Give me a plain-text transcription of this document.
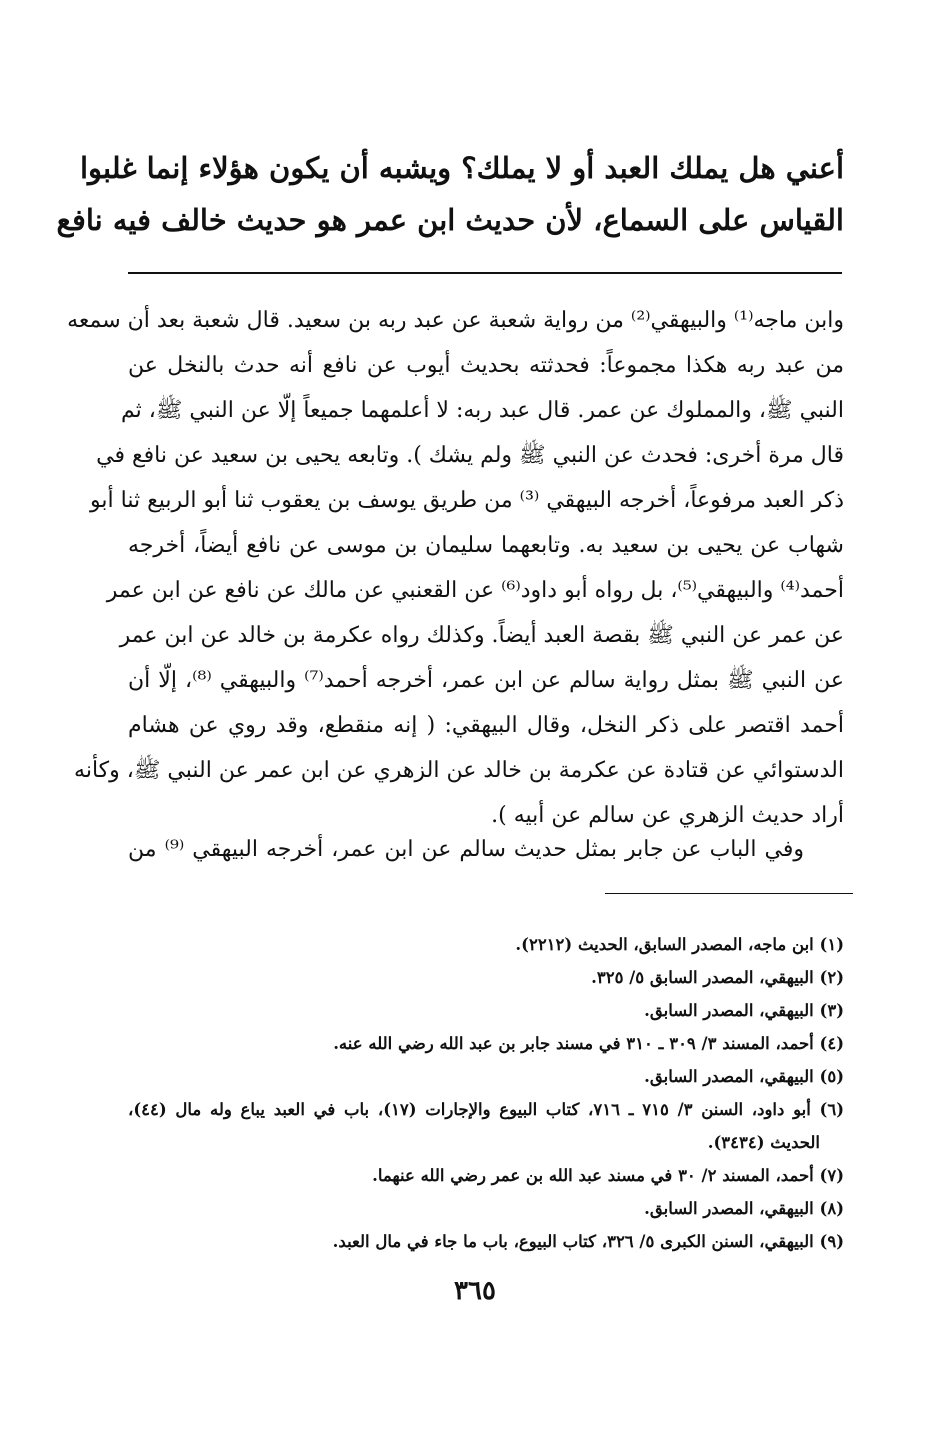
أعني هل يملك العبد أو لا يملك؟ ويشبه أن يكون هؤلاء إنما غلبوا
القياس على السماع، لأن حديث ابن عمر هو حديث خالف فيه نافع
وابن ماجه⁽¹⁾ والبيهقي⁽²⁾ من رواية شعبة عن عبد ربه بن سعيد. قال شعبة بعد أن سمعه
من عبد ربه هكذا مجموعاً: فحدثته بحديث أيوب عن نافع أنه حدث بالنخل عن
النبي ﷺ، والمملوك عن عمر. قال عبد ربه: لا أعلمهما جميعاً إلّا عن النبي ﷺ، ثم
قال مرة أخرى: فحدث عن النبي ﷺ ولم يشك ). وتابعه يحيى بن سعيد عن نافع في
ذكر العبد مرفوعاً، أخرجه البيهقي ⁽³⁾ من طريق يوسف بن يعقوب ثنا أبو الربيع ثنا أبو
شهاب عن يحيى بن سعيد به. وتابعهما سليمان بن موسى عن نافع أيضاً، أخرجه
أحمد⁽⁴⁾ والبيهقي⁽⁵⁾، بل رواه أبو داود⁽⁶⁾ عن القعنبي عن مالك عن نافع عن ابن عمر
عن عمر عن النبي ﷺ بقصة العبد أيضاً. وكذلك رواه عكرمة بن خالد عن ابن عمر
عن النبي ﷺ بمثل رواية سالم عن ابن عمر، أخرجه أحمد⁽⁷⁾ والبيهقي ⁽⁸⁾، إلّا أن
أحمد اقتصر على ذكر النخل، وقال البيهقي: ( إنه منقطع، وقد روي عن هشام
الدستوائي عن قتادة عن عكرمة بن خالد عن الزهري عن ابن عمر عن النبي ﷺ، وكأنه
أراد حديث الزهري عن سالم عن أبيه ).
وفي الباب عن جابر بمثل حديث سالم عن ابن عمر، أخرجه البيهقي ⁽⁹⁾ من
(١) ابن ماجه، المصدر السابق، الحديث (٢٢١٢).
(٢) البيهقي، المصدر السابق ٥/ ٣٢٥.
(٣) البيهقي، المصدر السابق.
(٤) أحمد، المسند ٣/ ٣٠٩ ـ ٣١٠ في مسند جابر بن عبد الله رضي الله عنه.
(٥) البيهقي، المصدر السابق.
(٦) أبو داود، السنن ٣/ ٧١٥ ـ ٧١٦، كتاب البيوع والإجارات (١٧)، باب في العبد يباع وله مال (٤٤)،
الحديث (٣٤٣٤).
(٧) أحمد، المسند ٢/ ٣٠ في مسند عبد الله بن عمر رضي الله عنهما.
(٨) البيهقي، المصدر السابق.
(٩) البيهقي، السنن الكبرى ٥/ ٣٢٦، كتاب البيوع، باب ما جاء في مال العبد.
٣٦٥
